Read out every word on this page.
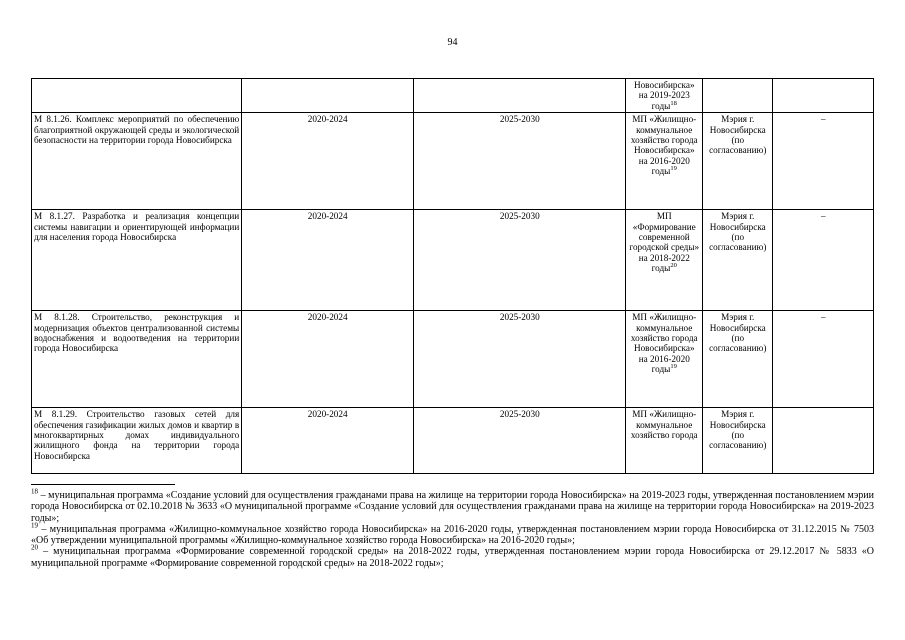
94
			Новосибирска» на 2019-2023 годы$^{18}$		
М 8.1.26. Комплекс мероприятий по обеспечению благоприятной окружающей среды и экологической безопасности на территории города Новосибирска	2020-2024	2025-2030	МП «Жилищно-коммунальное хозяйство города Новосибирска» на 2016-2020 годы$^{19}$	Мэрия г. Новосибирска (по согласованию)	–
М 8.1.27. Разработка и реализация концепции системы навигации и ориентирующей информации для населения города Новосибирска	2020-2024	2025-2030	МП «Формирование современной городской среды» на 2018-2022 годы$^{20}$	Мэрия г. Новосибирска (по согласованию)	–
М 8.1.28. Строительство, реконструкция и модернизация объектов централизованной системы водоснабжения и водоотведения на территории города Новосибирска	2020-2024	2025-2030	МП «Жилищно-коммунальное хозяйство города Новосибирска» на 2016-2020 годы$^{19}$	Мэрия г. Новосибирска (по согласованию)	–
М 8.1.29. Строительство газовых сетей для обеспечения газификации жилых домов и квартир в многоквартирных домах индивидуального жилищного фонда на территории города Новосибирска	2020-2024	2025-2030	МП «Жилищно-коммунальное хозяйство города	Мэрия г. Новосибирска (по согласованию)	

$^{18}$ – муниципальная программа «Создание условий для осуществления гражданами права на жилище на территории города Новосибирска» на 2019-2023 годы, утвержденная постановлением мэрии города Новосибирска от 02.10.2018 № 3633 «О муниципальной программе «Создание условий для осуществления гражданами права на жилище на территории города Новосибирска» на 2019-2023 годы»;

$^{19}$ – муниципальная программа «Жилищно-коммунальное хозяйство города Новосибирска» на 2016-2020 годы, утвержденная постановлением мэрии города Новосибирска от 31.12.2015 № 7503 «Об утверждении муниципальной программы «Жилищно-коммунальное хозяйство города Новосибирска» на 2016-2020 годы»;

$^{20}$ – муниципальная программа «Формирование современной городской среды» на 2018-2022 годы, утвержденная постановлением мэрии города Новосибирска от 29.12.2017 № 5833 «О муниципальной программе «Формирование современной городской среды» на 2018-2022 годы»;
